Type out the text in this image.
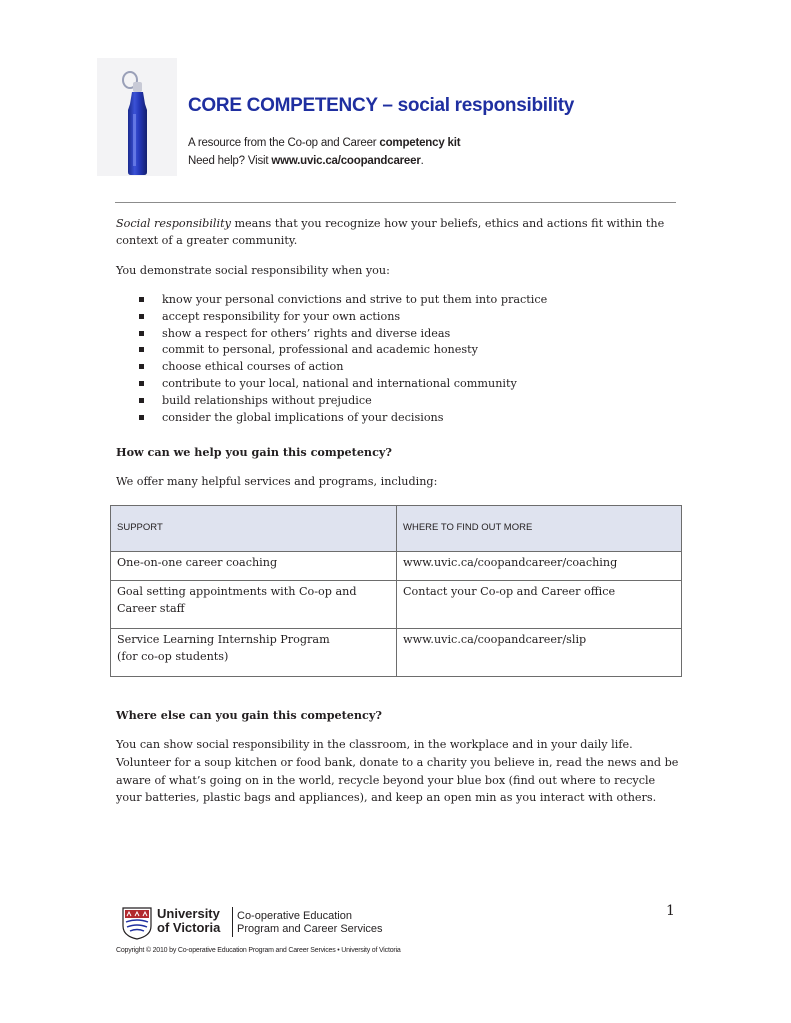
CORE COMPETENCY – social responsibility
A resource from the Co-op and Career competency kit
Need help? Visit www.uvic.ca/coopandcareer.

Social responsibility means that you recognize how your beliefs, ethics and actions fit within the context of a greater community.

You demonstrate social responsibility when you:

know your personal convictions and strive to put them into practice
accept responsibility for your own actions
show a respect for others’ rights and diverse ideas
commit to personal, professional and academic honesty
choose ethical courses of action
contribute to your local, national and international community
build relationships without prejudice
consider the global implications of your decisions
How can we help you gain this competency?

We offer many helpful services and programs, including:

SUPPORT	WHERE TO FIND OUT MORE
One-on-one career coaching	www.uvic.ca/coopandcareer/coaching
Goal setting appointments with Co-op and Career staff	Contact your Co-op and Career office
Service Learning Internship Program
(for co-op students)	www.uvic.ca/coopandcareer/slip
Where else can you gain this competency?

You can show social responsibility in the classroom, in the workplace and in your daily life. Volunteer for a soup kitchen or food bank, donate to a charity you believe in, read the news and be aware of what’s going on in the world, recycle beyond your blue box (find out where to recycle your batteries, plastic bags and appliances), and keep an open min as you interact with others.

1
University
of Victoria
Co-operative Education
Program and Career Services
Copyright © 2010 by Co-operative Education Program and Career Services • University of Victoria
